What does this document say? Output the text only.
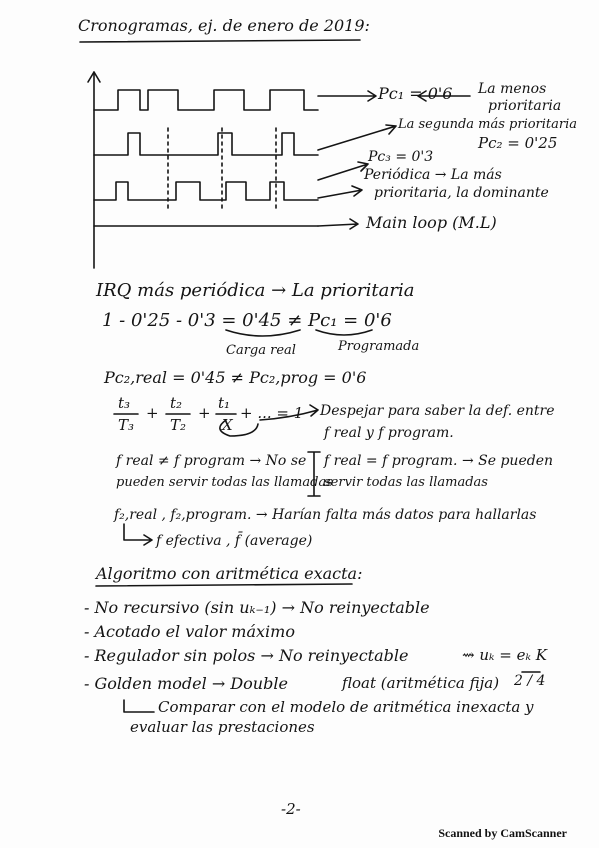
Cronogramas, ej. de enero de 2019:
Pc₁ = 0'6 La menos
prioritaria
La segunda más prioritaria
Pc₂ = 0'25
Pc₃ = 0'3
Periódica → La más
prioritaria, la dominante
Main loop (M.L)
IRQ más periódica → La prioritaria
1 - 0'25 - 0'3 = 0'45 ≠ Pc₁ = 0'6
Carga real	Programada
Pc₂,real = 0'45 ≠ Pc₂,prog = 0'6
t₃
T₃
+
t₂
T₂
+
t₁
X
+ ... = 1 Despejar para saber la def. entre
f real y f program.
f real ≠ f program → No se
pueden servir todas las llamadas
f real = f program. → Se pueden
servir todas las llamadas
f₂,real , f₂,program. → Harían falta más datos para hallarlas
f efectiva , f̄ (average)
Algoritmo con aritmética exacta:
- No recursivo (sin uₖ₋₁) → No reinyectable
- Acotado el valor máximo
- Regulador sin polos → No reinyectable	⇝ uₖ = eₖ K
2 / 4
- Golden model → Double	float (aritmética fija)
Comparar con el modelo de aritmética inexacta y
evaluar las prestaciones
-2-
Scanned by CamScanner
